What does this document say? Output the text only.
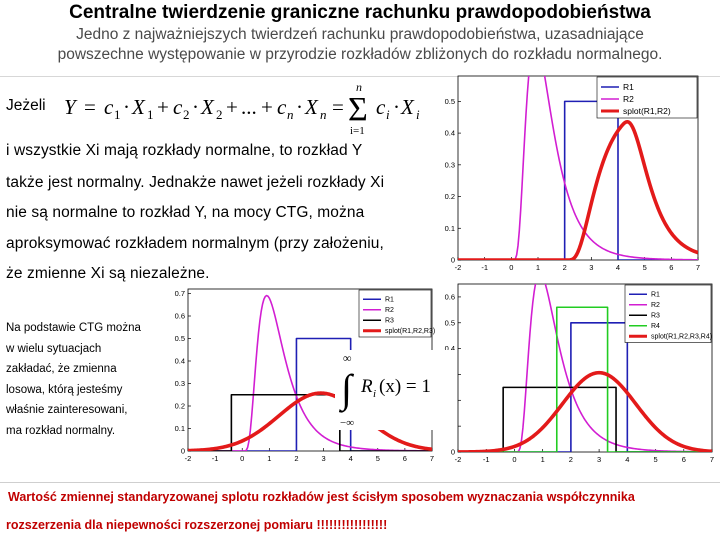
Centralne twierdzenie graniczne rachunku prawdopodobieństwa
Jedno z najważniejszych twierdzeń rachunku prawdopodobieństwa, uzasadniające
powszechne występowanie w przyrodzie rozkładów zbliżonych do rozkładu normalnego.
Jeżeli Y = c 1 · X 1 + c 2 · X 2 + ... + c n · X n =
n
Σ
i=1
c i · X i
i wszystkie Xi mają rozkłady normalne, to rozkład Y
także jest normalny. Jednakże nawet jeżeli rozkłady Xi
nie są normalne to rozkład Y, na mocy CTG, można
aproksymować rozkładem normalnym (przy założeniu,
że zmienne Xi są niezależne.
Na podstawie CTG można
w wielu sytuacjach
zakładać, że zmienna
losowa, którą jesteśmy
właśnie zainteresowani,
ma rozkład normalny.
-2	-1	0	1	2	3	4	5	6	7
0
0.1
0.2
0.3
0.4
0.5
R1
R2
splot(R1,R2)
-2	-1	0	1	2	3	4	5	6	7
0
0.1
0.2
0.3
0.4
0.5
0.6
0.7
R1
R2
R3
splot(R1,R2,R3)
-2	-1	0	1	2	3	4	5	6	7
0
0.1
0.2
0.3
0.4
0.5
0.6	R1
R2
R3
R4
splot(R1,R2,R3,R4)
∞
∫
−∞
R i (x) = 1
Wartość zmiennej standaryzowanej splotu rozkładów jest ścisłym sposobem wyznaczania współczynnika
rozszerzenia dla niepewności rozszerzonej pomiaru !!!!!!!!!!!!!!!!!
